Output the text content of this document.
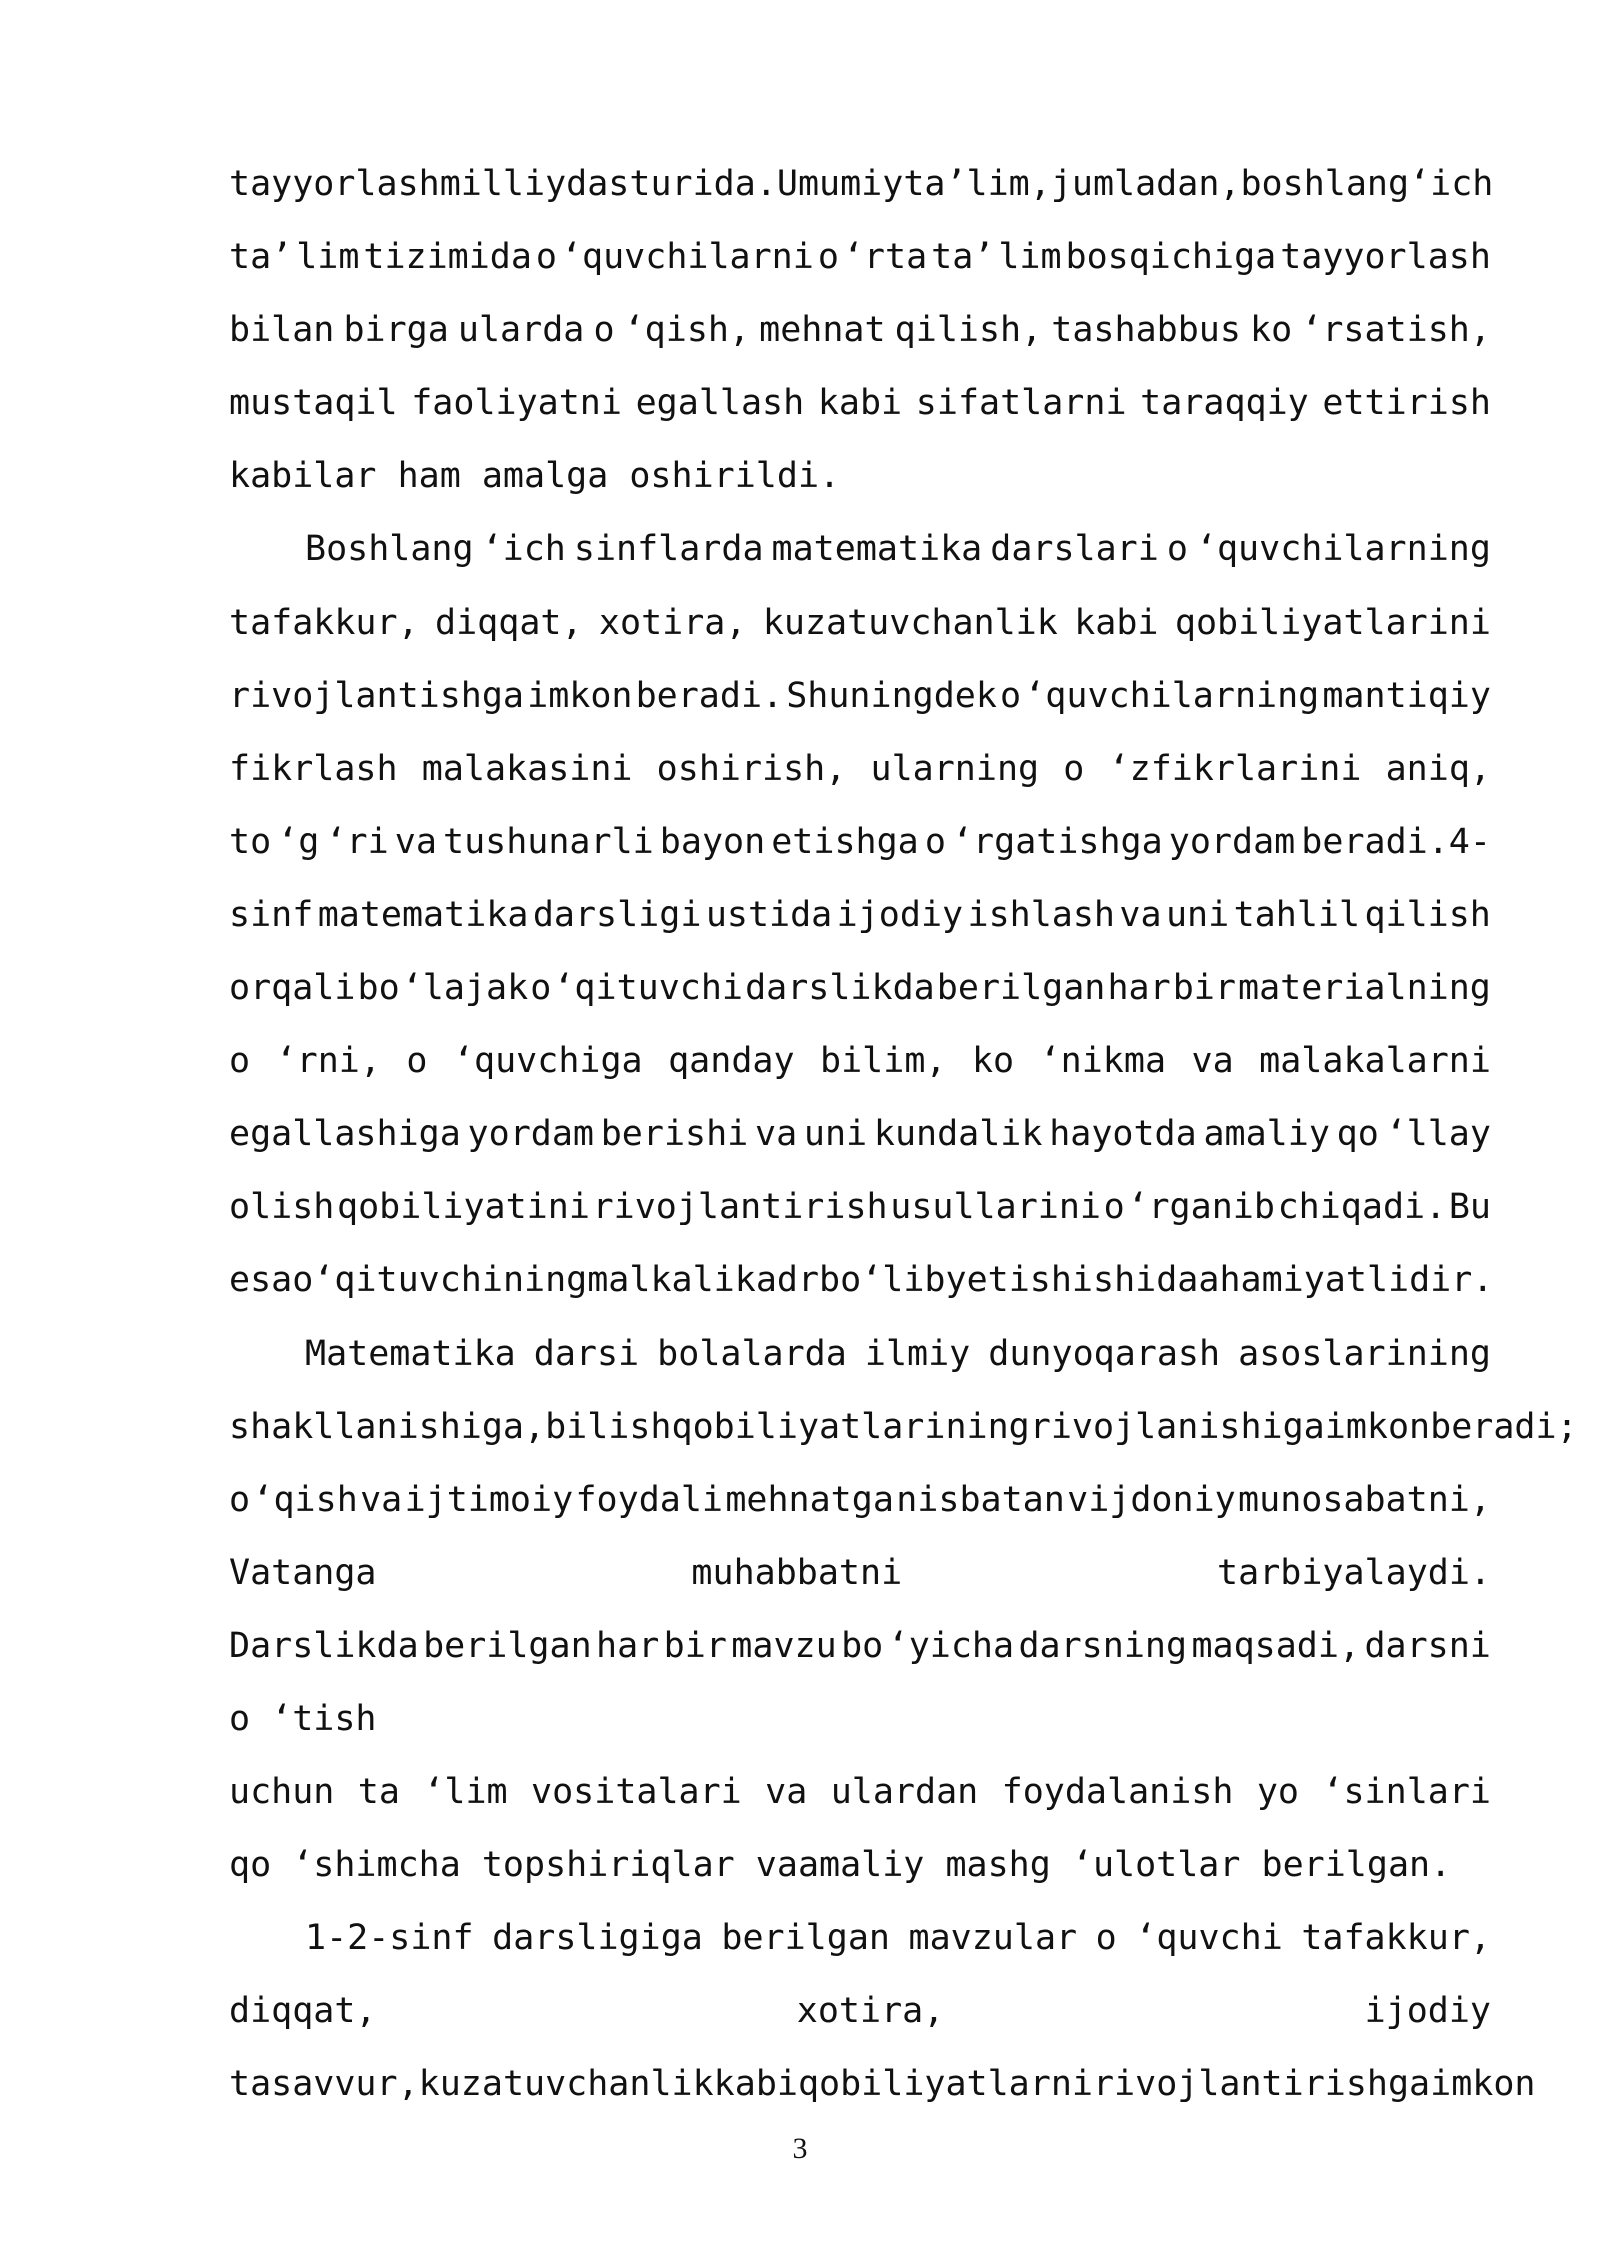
tayyorlash milliy dasturida. Umumiy ta’ lim, jumladan, boshlang ‘ich
ta’ lim tizimida o ‘quvchilarni o ‘rta ta’ lim bosqichiga tayyorlash
bilan birga ularda o ‘qish, mehnat qilish, tashabbus ko ‘rsatish,
mustaqil faoliyatni egallash kabi sifatlarni taraqqiy ettirish
kabilar ham amalga oshirildi.
Boshlang ‘ich sinflarda matematika darslari o ‘quvchilarning
tafakkur, diqqat, xotira, kuzatuvchanlik kabi qobiliyatlarini
rivojlantishga imkon beradi. Shuningdek o ‘quvchilarning mantiqiy
fikrlash malakasini oshirish, ularning o ‘zfikrlarini aniq,
to ‘g ‘ri va tushunarli bayon etishga o ‘rgatishga yordam beradi.4-
sinf matematika darsligi ustida ijodiy ishlash va uni tahlil qilish
orqali bo ‘lajak o ‘qituvchi darslikda berilgan har bir materialning
o ‘rni, o ‘quvchiga qanday bilim, ko ‘nikma va malakalarni
egallashiga yordam berishi va uni kundalik hayotda amaliy qo ‘llay
olish qobiliyatini rivojlantirish usullarini o ‘rganib chiqadi. Bu
esa o ‘qituvchining malkali kadr bo ‘lib yetishishida ahamiyatlidir.
Matematika darsi bolalarda ilmiy dunyoqarash asoslarining
shakllanishiga, bilish qobiliyatlarining rivojlanishiga imkon beradi;
o ‘qish va ijtimoiy foydali mehnatga nisbatan vijdoniy munosabatni,
Vatanga	muhabbatni	tarbiyalaydi.
Darslikda berilgan har bir mavzu bo ‘yicha darsning maqsadi, darsni
o ‘tish
uchun ta ‘lim vositalari va ulardan foydalanish yo ‘sinlari
qo ‘shimcha topshiriqlar vaamaliy mashg ‘ulotlar berilgan.
1-2-sinf darsligiga berilgan mavzular o ‘quvchi tafakkur,
diqqat,	xotira,	ijodiy
tasavvur, kuzatuvchanlik kabi qobiliyatlarni rivojlantirishga imkon
3
